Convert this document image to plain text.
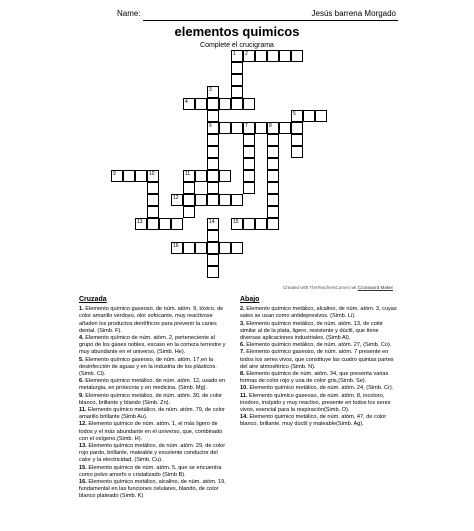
Name:	Jesús barrena Morgado
elementos quimicos
Complete el crucigrama
1 2
4
5
6	7	8
9	10	11
12
13	15
16
3
14
Created with TheTeachersCorner.net Crossword Maker
Cruzada
1. Elemento químico gaseoso, de núm. atóm. 9, tóxico, de color amarillo verdoso, olor sofocante, muy reactivose añaden los productos dentífricos para prevenir la caries dental. (Simb. F).
4. Elemento químico de núm. atóm. 2, perteneciente al grupo de los gases nobles, escaso en la corteza terrestre y muy abundante en el universo, (Simb. He).
5. Elemento químico gaseoso, de núm. atóm. 17,en la desinfección de aguas y en la industria de los plásticos. (Simb. Cl).
6. Elemento químico metálico, de núm. atóm. 12, usado en metalurgia, en protecnia y en medicina. (Simb. Mg).
9. Elemento químico metálico, de núm. atóm. 30, de color blanco, brillante y blando (Simb. Zn).
11. Elemento químico metálico, de núm. atóm. 79, de color amarillo brillante (Simb Au).
12. Elemento químico de núm. atóm. 1, el más ligero de todos y el más abundante en el universo, que, combinado con el oxígeno,(Simb. H).
13. Elemento químico metálico, de núm. atóm. 29, de color rojo pardo, brillante, maleable y excelente conductor del calor y la electricidad, (Simb. Cu).
15. Elemento químico de núm. atóm. 5, que se encuentra como polvo amorfo o cristalizado (Simb B).
16. Elemento químico metálico, alcalino, de núm. atóm. 19, fundamental en las funciones celulares, blando, de color blanco plateado (Simb. K)
Abajo
2. Elemento químico metálico, alcalino, de núm. atóm. 3, cuyas sales se usan como antidepresivos. (Simb. Li).
3. Elemento químico metálico, de núm. atóm. 13, de color similar al de la plata, ligero, resistente y dúctil, que tiene diversas aplicaciones industriales. (Simb Al).
6. Elemento químico metálico, de núm. atóm. 27, (Simb. Co).
7. Elemento químico gaseoso, de núm. atóm. 7 presente en todos los seres vivos, que constituye las cuatro quintas partes del aire atmosférico (Simb. N).
8. Elemento químico de núm. atóm. 34, que presenta varias formas de color rojo y una de color gris,(Simb. Se).
10. Elemento químico metálico, de núm. atóm. 24, (Simb. Cr).
11. Elemento químico gaseoso, de núm. atóm. 8, incoloro, inodoro, insípido y muy reactivo, presente en todos los seres vivos, esencial para la respiración(Simb. O).
14. Elemento químico metálico, de núm. atóm. 47, de color blanco, brillante, muy dúctil y maleable(Simb. Ag).
